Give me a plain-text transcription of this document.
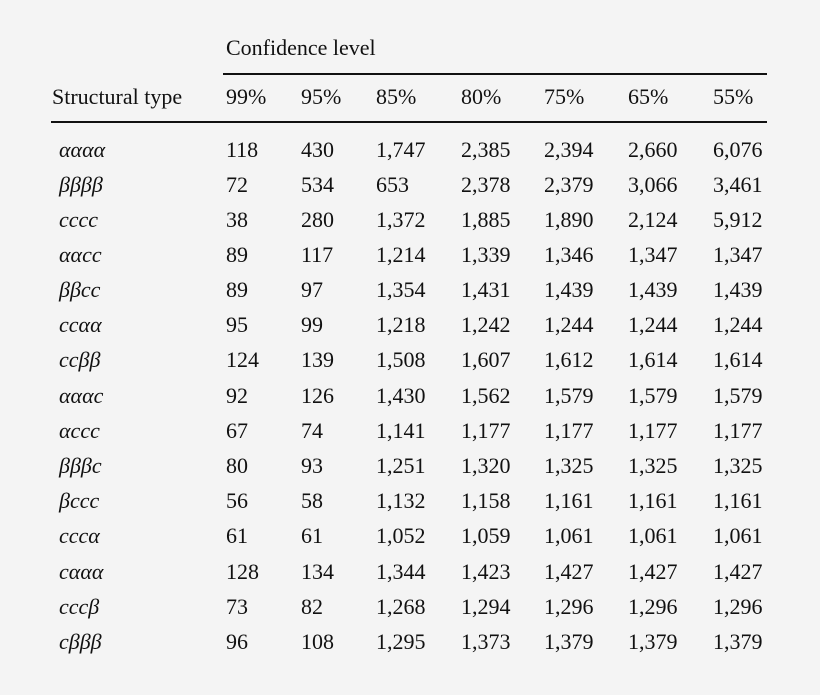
Confidence level
Structural type 99% 95% 85% 80% 75% 65% 55%
αααα	118 430 1,747 2,385 2,394 2,660 6,076
ββββ	72 534 653 2,378 2,379 3,066 3,461
cccc	38 280 1,372 1,885 1,890 2,124 5,912
ααcc	89 117 1,214 1,339 1,346 1,347 1,347
ββcc	89 97 1,354 1,431 1,439 1,439 1,439
ccαα	95 99 1,218 1,242 1,244 1,244 1,244
ccββ	124 139 1,508 1,607 1,612 1,614 1,614
αααc	92 126 1,430 1,562 1,579 1,579 1,579
αccc	67 74 1,141 1,177 1,177 1,177 1,177
βββc	80 93 1,251 1,320 1,325 1,325 1,325
βccc	56 58 1,132 1,158 1,161 1,161 1,161
cccα	61 61 1,052 1,059 1,061 1,061 1,061
cααα	128 134 1,344 1,423 1,427 1,427 1,427
cccβ	73 82 1,268 1,294 1,296 1,296 1,296
cβββ	96 108 1,295 1,373 1,379 1,379 1,379
